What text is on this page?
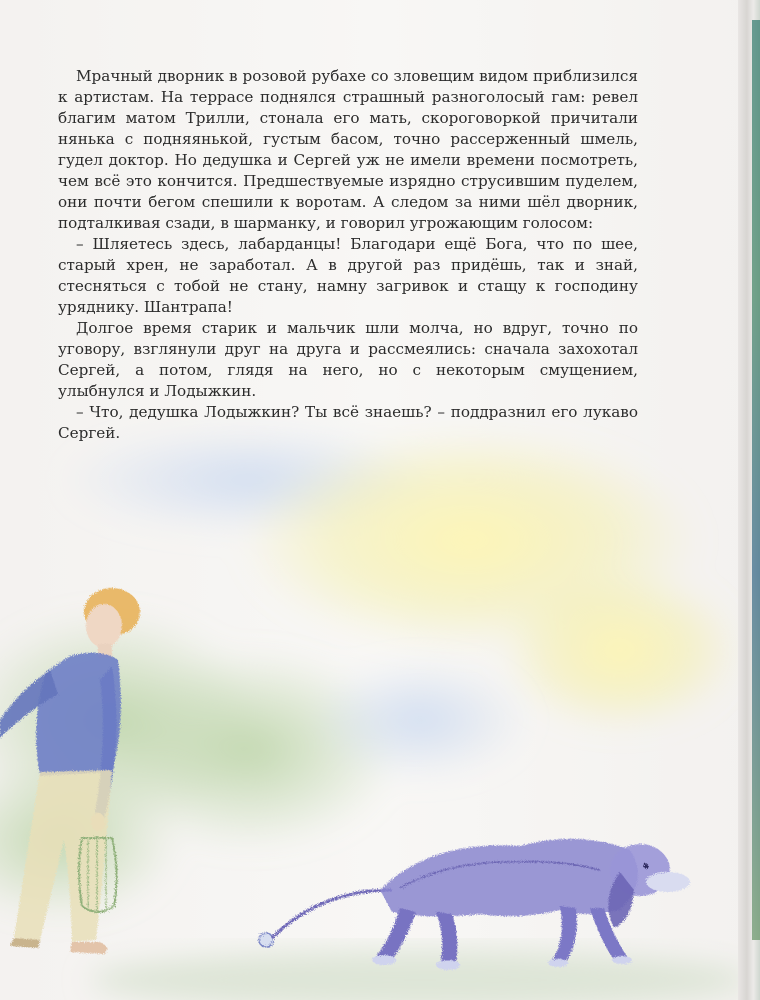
Мрачный дворник в розовой рубахе со зловещим видом приблизился к артистам. На террасе поднялся страшный разноголосый гам: ревел благим матом Трилли, стонала его мать, скороговоркой причитали нянька с подняянькой, густым басом, точно рассерженный шмель, гудел доктор. Но дедушка и Сергей уж не имели времени посмотреть, чем всё это кончится. Предшествуемые изрядно струсившим пуделем, они почти бегом спешили к воротам. А следом за ними шёл дворник, подталкивая сзади, в шарманку, и говорил угрожающим голосом:

– Шляетесь здесь, лабарданцы! Благодари ещё Бога, что по шее, старый хрен, не заработал. А в другой раз придёшь, так и знай, стесняться с тобой не стану, намну загривок и стащу к господину уряднику. Шантрапа!

Долгое время старик и мальчик шли молча, но вдруг, точно по уговору, взглянули друг на друга и рассмеялись: сначала захохотал Сергей, а потом, глядя на него, но с некоторым смущением, улыбнулся и Лодыжкин.

– Что, дедушка Лодыжкин? Ты всё знаешь? – поддразнил его лукаво Сергей.
